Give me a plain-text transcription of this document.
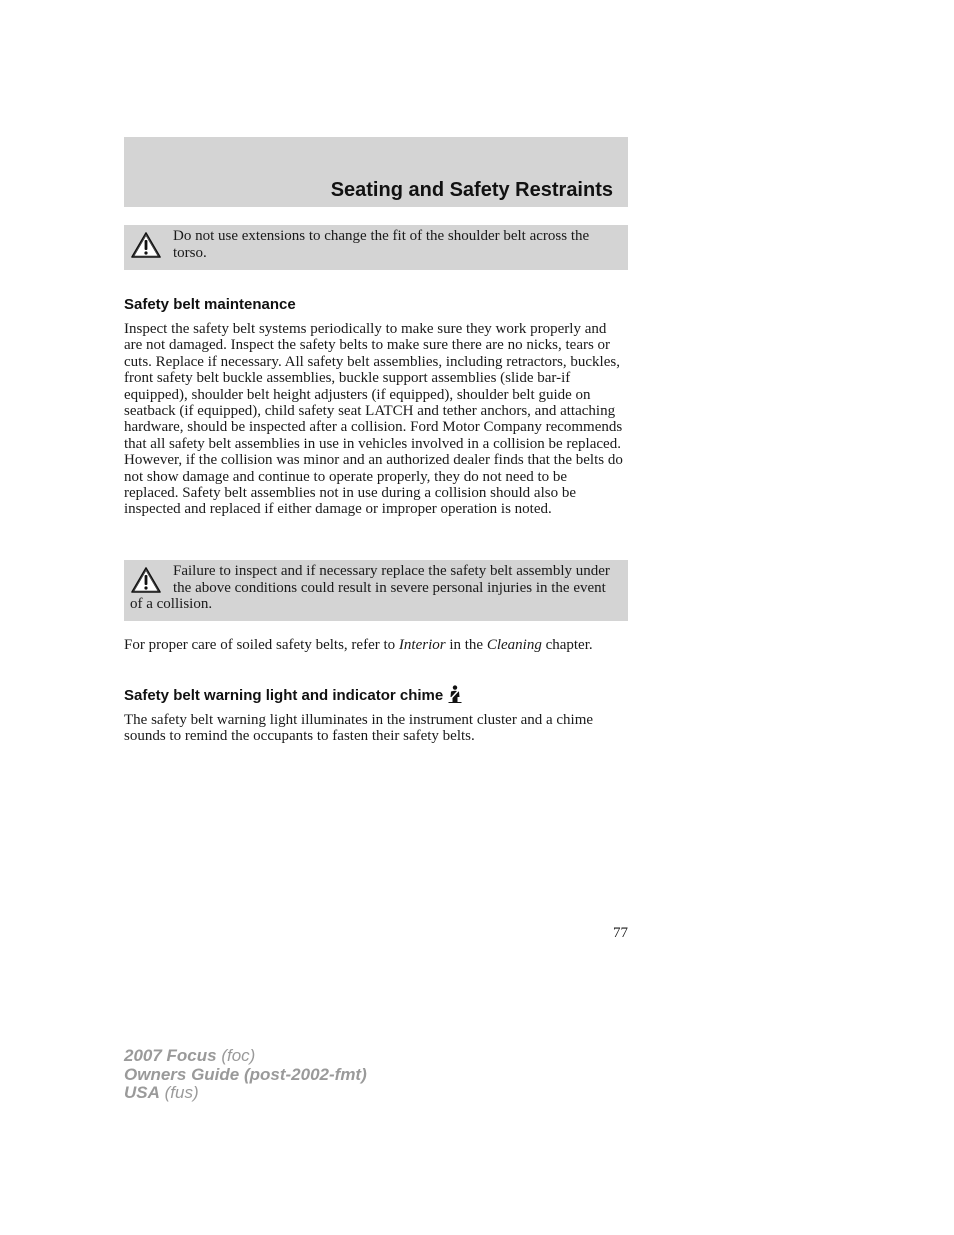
Seating and Safety Restraints
Do not use extensions to change the fit of the shoulder belt across the torso.
Safety belt maintenance

Inspect the safety belt systems periodically to make sure they work properly and are not damaged. Inspect the safety belts to make sure there are no nicks, tears or cuts. Replace if necessary. All safety belt assemblies, including retractors, buckles, front safety belt buckle assemblies, buckle support assemblies (slide bar-if equipped), shoulder belt height adjusters (if equipped), shoulder belt guide on seatback (if equipped), child safety seat LATCH and tether anchors, and attaching hardware, should be inspected after a collision. Ford Motor Company recommends that all safety belt assemblies in use in vehicles involved in a collision be replaced. However, if the collision was minor and an authorized dealer finds that the belts do not show damage and continue to operate properly, they do not need to be replaced. Safety belt assemblies not in use during a collision should also be inspected and replaced if either damage or improper operation is noted.

Failure to inspect and if necessary replace the safety belt assembly under the above conditions could result in severe personal injuries in the event of a collision.

For proper care of soiled safety belts, refer to Interior in the Cleaning chapter.

Safety belt warning light and indicator chime

The safety belt warning light illuminates in the instrument cluster and a chime sounds to remind the occupants to fasten their safety belts.

77
2007 Focus (foc)
Owners Guide (post-2002-fmt)
USA (fus)
